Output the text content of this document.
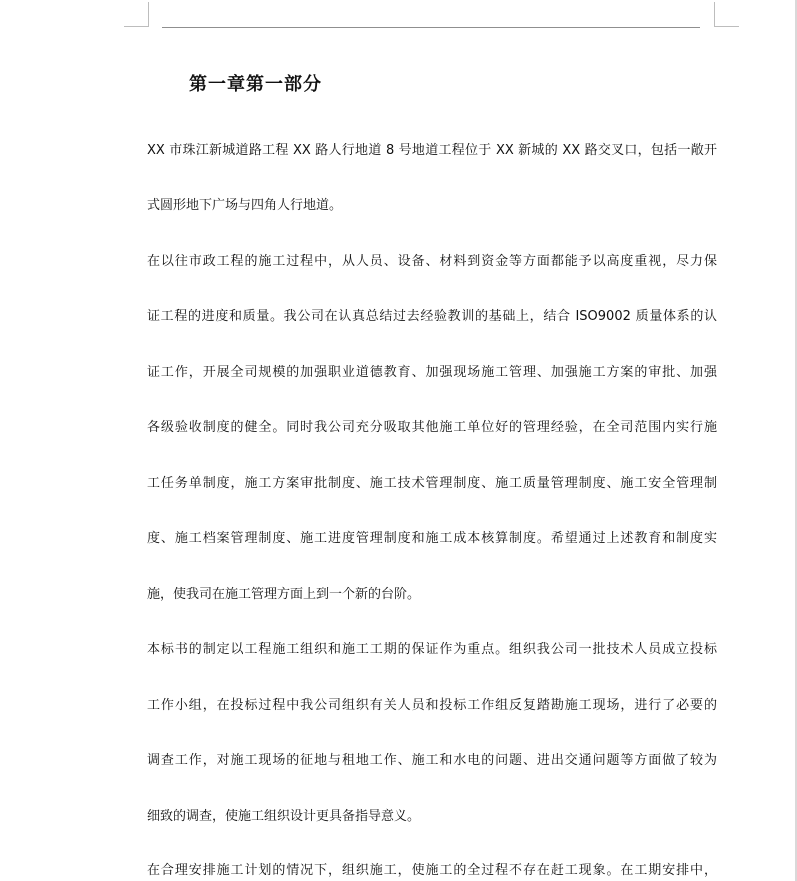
第一章第一部分
XX 市珠江新城道路工程 XX 路人行地道 8 号地道工程位于 XX 新城的 XX 路交叉口，包括一敞开
式圆形地下广场与四角人行地道。
在以往市政工程的施工过程中，从人员、设备、材料到资金等方面都能予以高度重视，尽力保
证工程的进度和质量。我公司在认真总结过去经验教训的基础上，结合 ISO9002 质量体系的认
证工作，开展全司规模的加强职业道德教育、加强现场施工管理、加强施工方案的审批、加强
各级验收制度的健全。同时我公司充分吸取其他施工单位好的管理经验，在全司范围内实行施
工任务单制度，施工方案审批制度、施工技术管理制度、施工质量管理制度、施工安全管理制
度、施工档案管理制度、施工进度管理制度和施工成本核算制度。希望通过上述教育和制度实
施，使我司在施工管理方面上到一个新的台阶。
本标书的制定以工程施工组织和施工工期的保证作为重点。组织我公司一批技术人员成立投标
工作小组，在投标过程中我公司组织有关人员和投标工作组反复踏勘施工现场，进行了必要的
调查工作，对施工现场的征地与租地工作、施工和水电的问题、进出交通问题等方面做了较为
细致的调查，使施工组织设计更具备指导意义。
在合理安排施工计划的情况下，组织施工，使施工的全过程不存在赶工现象。在工期安排中，
